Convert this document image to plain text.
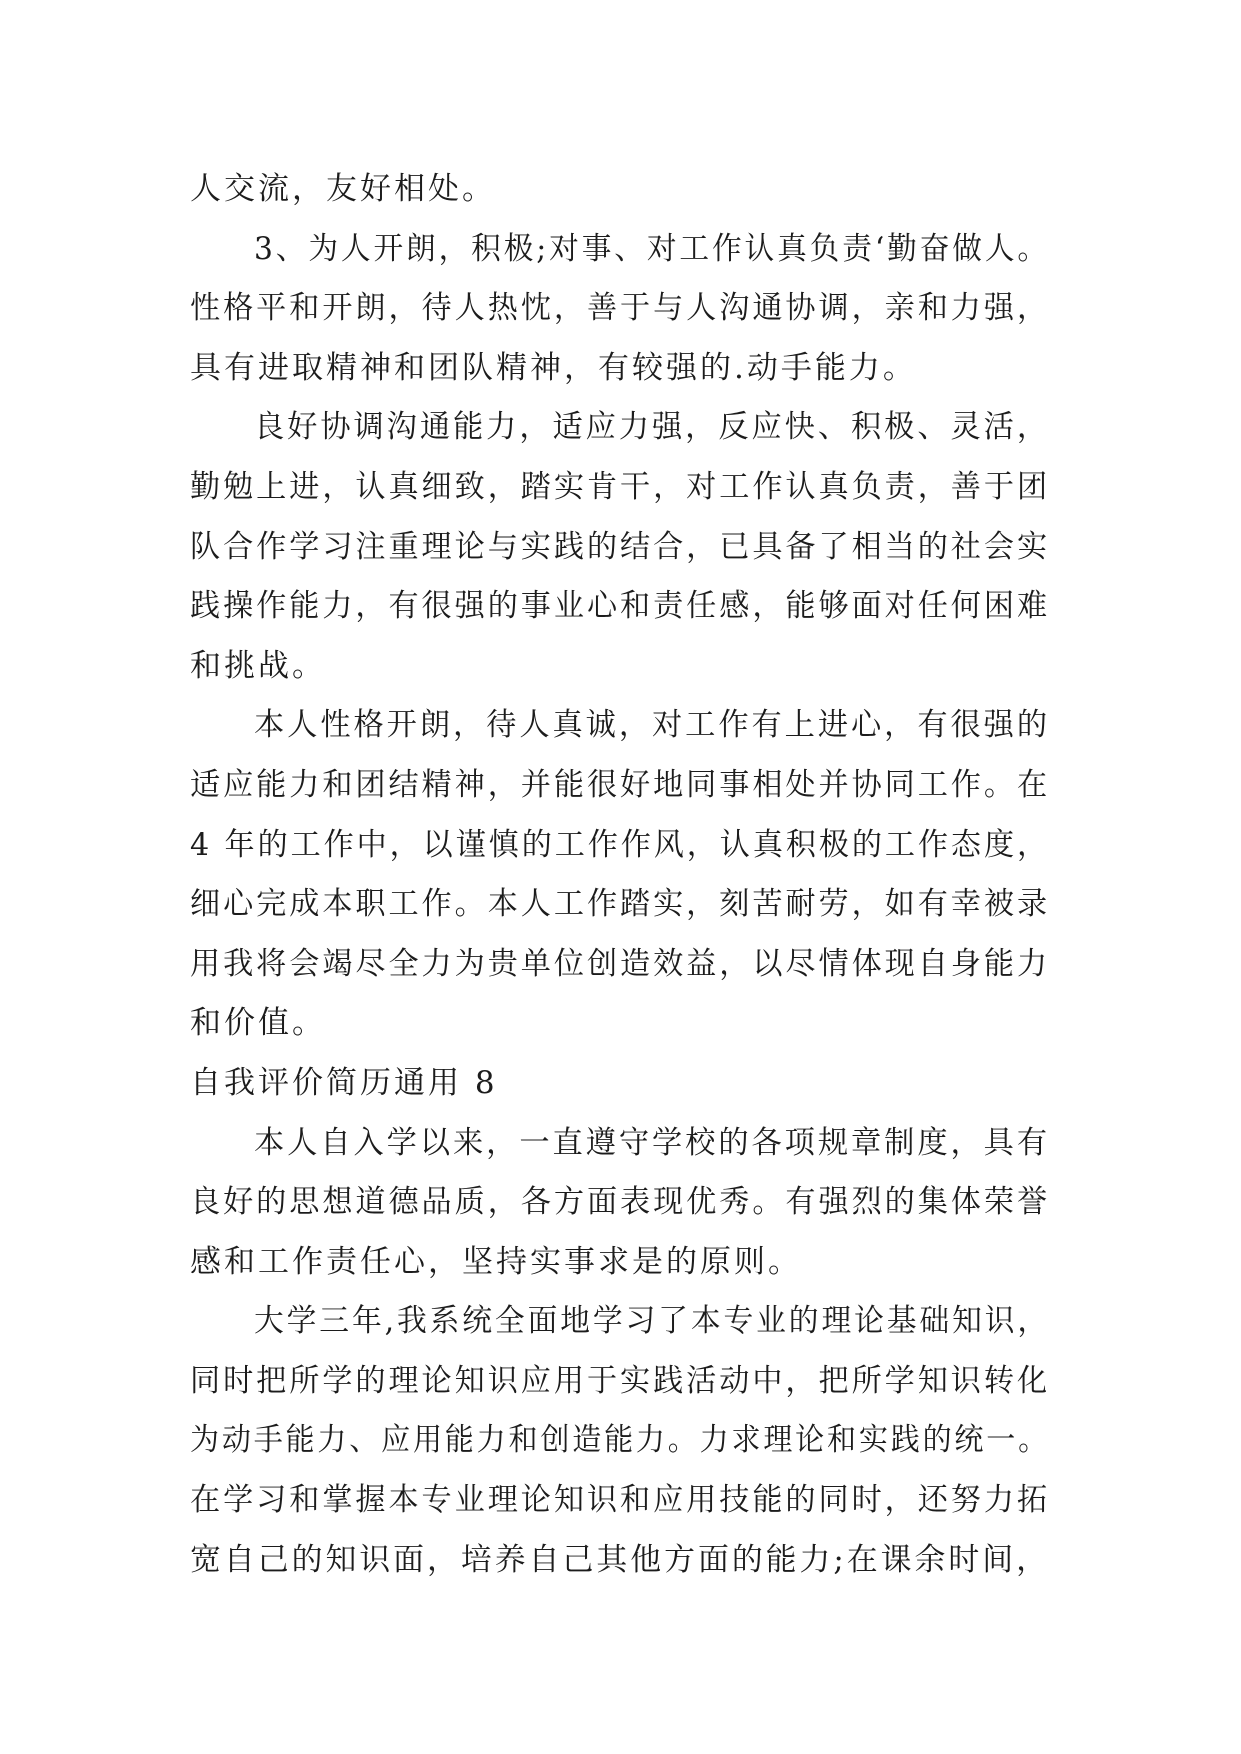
人交流，友好相处。
3、为人开朗，积极;对事、对工作认真负责‘勤奋做人。
性格平和开朗，待人热忱，善于与人沟通协调，亲和力强，
具有进取精神和团队精神，有较强的.动手能力。
良好协调沟通能力，适应力强，反应快、积极、灵活，
勤勉上进，认真细致，踏实肯干，对工作认真负责，善于团
队合作学习注重理论与实践的结合，已具备了相当的社会实
践操作能力，有很强的事业心和责任感，能够面对任何困难
和挑战。
本人性格开朗，待人真诚，对工作有上进心，有很强的
适应能力和团结精神，并能很好地同事相处并协同工作。在
4 年的工作中，以谨慎的工作作风，认真积极的工作态度，
细心完成本职工作。本人工作踏实，刻苦耐劳，如有幸被录
用我将会竭尽全力为贵单位创造效益，以尽情体现自身能力
和价值。
自我评价简历通用 8
本人自入学以来，一直遵守学校的各项规章制度，具有
良好的思想道德品质，各方面表现优秀。有强烈的集体荣誉
感和工作责任心，坚持实事求是的原则。
大学三年,我系统全面地学习了本专业的理论基础知识，
同时把所学的理论知识应用于实践活动中，把所学知识转化
为动手能力、应用能力和创造能力。力求理论和实践的统一。
在学习和掌握本专业理论知识和应用技能的同时，还努力拓
宽自己的知识面，培养自己其他方面的能力;在课余时间，
